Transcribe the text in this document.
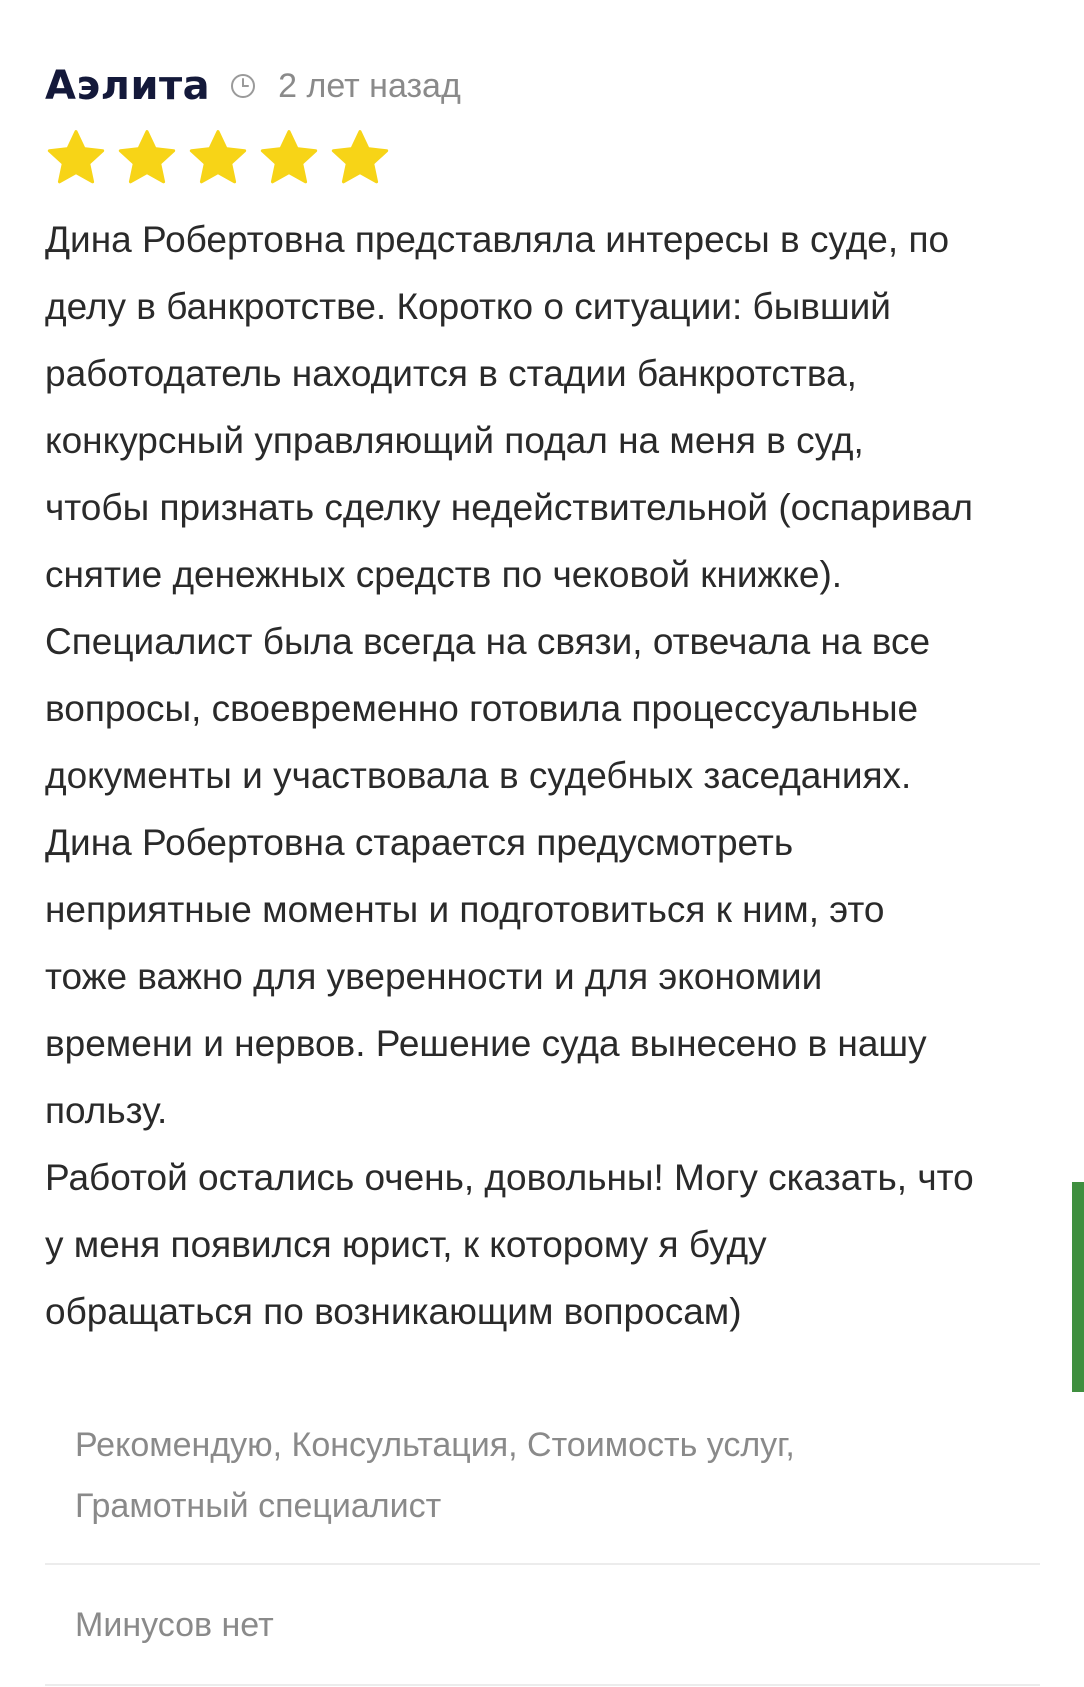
Аэлита 2 лет назад
Дина Робертовна представляла интересы в суде, по
делу в банкротстве. Коротко о ситуации: бывший
работодатель находится в стадии банкротства,
конкурсный управляющий подал на меня в суд,
чтобы признать сделку недействительной (оспаривал
снятие денежных средств по чековой книжке).
Специалист была всегда на связи, отвечала на все
вопросы, своевременно готовила процессуальные
документы и участвовала в судебных заседаниях.
Дина Робертовна старается предусмотреть
неприятные моменты и подготовиться к ним, это
тоже важно для уверенности и для экономии
времени и нервов. Решение суда вынесено в нашу
пользу.
Работой остались очень, довольны! Могу сказать, что
у меня появился юрист, к которому я буду
обращаться по возникающим вопросам)
Рекомендую, Консультация, Стоимость услуг,
Грамотный специалист
Минусов нет
